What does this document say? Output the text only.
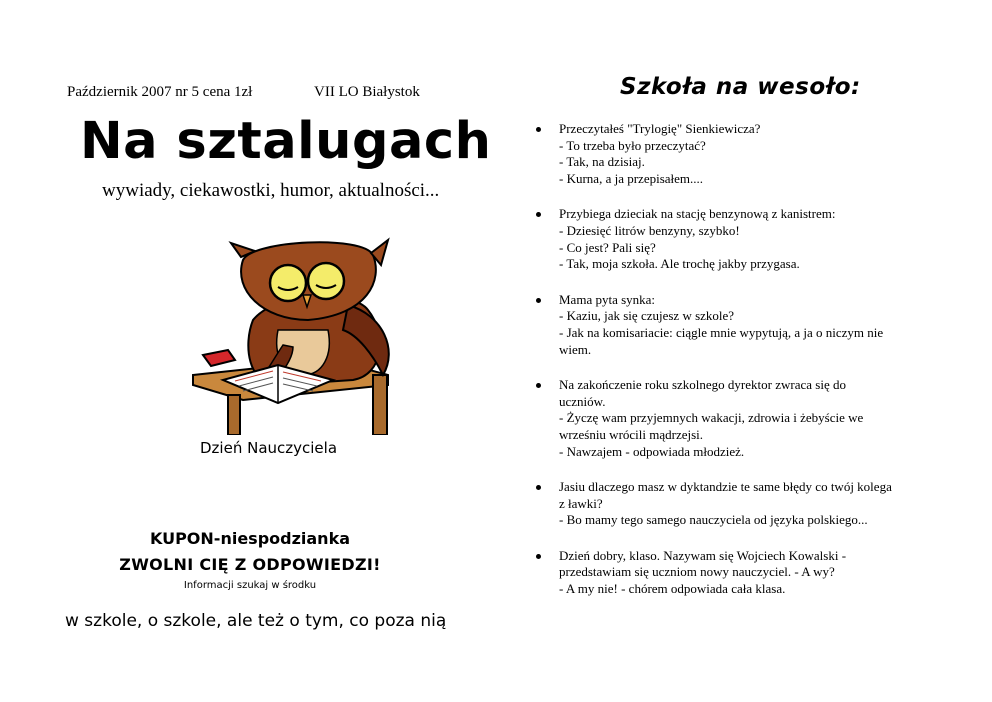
Październik 2007 nr 5 cena 1zł	VII LO Białystok
Na sztalugach
wywiady, ciekawostki, humor, aktualności...
Dzień Nauczyciela
KUPON-niespodzianka
ZWOLNI CIĘ Z ODPOWIEDZI!
Informacji szukaj w środku
w szkole, o szkole, ale też o tym, co poza nią
Szkoła na wesoło:
Przeczytałeś "Trylogię" Sienkiewicza?
- To trzeba było przeczytać?
- Tak, na dzisiaj.
- Kurna, a ja przepisałem....
Przybiega dzieciak na stację benzynową z kanistrem:
- Dziesięć litrów benzyny, szybko!
- Co jest? Pali się?
- Tak, moja szkoła. Ale trochę jakby przygasa.
Mama pyta synka:
- Kaziu, jak się czujesz w szkole?
- Jak na komisariacie: ciągle mnie wypytują, a ja o niczym nie
wiem.
Na zakończenie roku szkolnego dyrektor zwraca się do
uczniów.
- Życzę wam przyjemnych wakacji, zdrowia i żebyście we
wrześniu wrócili mądrzejsi.
- Nawzajem - odpowiada młodzież.
Jasiu dlaczego masz w dyktandzie te same błędy co twój kolega
z ławki?
- Bo mamy tego samego nauczyciela od języka polskiego...
Dzień dobry, klaso. Nazywam się Wojciech Kowalski -
przedstawiam się uczniom nowy nauczyciel. - A wy?
- A my nie! - chórem odpowiada cała klasa.
